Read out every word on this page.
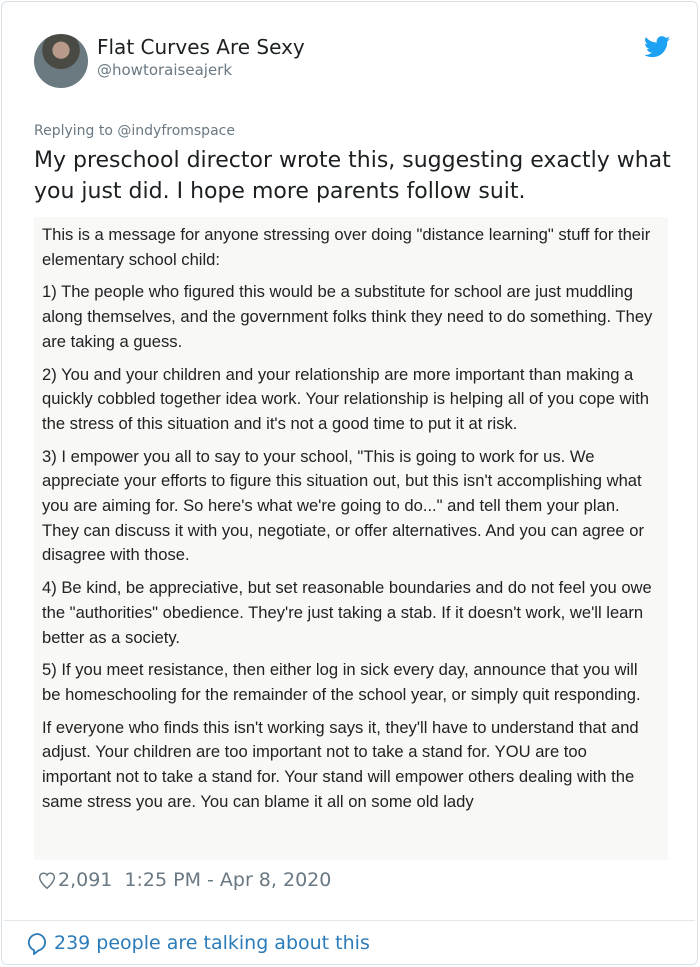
Flat Curves Are Sexy
@howtoraiseajerk
Replying to @indyfromspace
My preschool director wrote this, suggesting exactly what you just did. I hope more parents follow suit.

This is a message for anyone stressing over doing "distance learning" stuff for their elementary school child:

1) The people who figured this would be a substitute for school are just muddling along themselves, and the government folks think they need to do something. They are taking a guess.

2) You and your children and your relationship are more important than making a quickly cobbled together idea work. Your relationship is helping all of you cope with the stress of this situation and it's not a good time to put it at risk.

3) I empower you all to say to your school, "This is going to work for us. We appreciate your efforts to figure this situation out, but this isn't accomplishing what you are aiming for. So here's what we're going to do..." and tell them your plan. They can discuss it with you, negotiate, or offer alternatives. And you can agree or disagree with those.

4) Be kind, be appreciative, but set reasonable boundaries and do not feel you owe the "authorities" obedience. They're just taking a stab. If it doesn't work, we'll learn better as a society.

5) If you meet resistance, then either log in sick every day, announce that you will be homeschooling for the remainder of the school year, or simply quit responding.

If everyone who finds this isn't working says it, they'll have to understand that and adjust. Your children are too important not to take a stand for. YOU are too important not to take a stand for. Your stand will empower others dealing with the same stress you are. You can blame it all on some old lady

2,091 1:25 PM - Apr 8, 2020
239 people are talking about this
